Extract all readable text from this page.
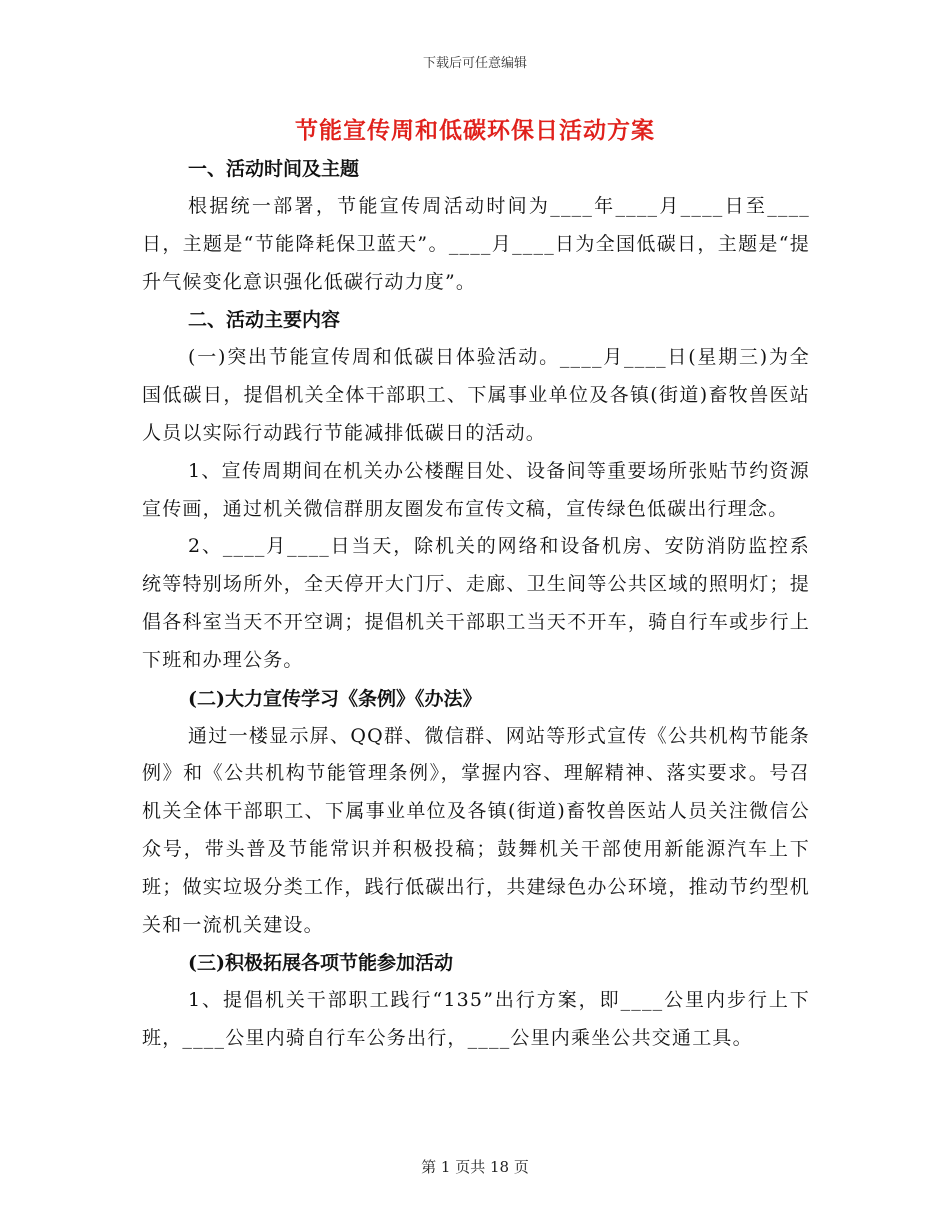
下载后可任意编辑
节能宣传周和低碳环保日活动方案
一、活动时间及主题

根据统一部署，节能宣传周活动时间为____年____月____日至____日，主题是“节能降耗保卫蓝天”。____月____日为全国低碳日，主题是“提升气候变化意识强化低碳行动力度”。

二、活动主要内容

(一)突出节能宣传周和低碳日体验活动。____月____日(星期三)为全国低碳日，提倡机关全体干部职工、下属事业单位及各镇(街道)畜牧兽医站人员以实际行动践行节能减排低碳日的活动。

1、宣传周期间在机关办公楼醒目处、设备间等重要场所张贴节约资源宣传画，通过机关微信群朋友圈发布宣传文稿，宣传绿色低碳出行理念。

2、____月____日当天，除机关的网络和设备机房、安防消防监控系统等特别场所外，全天停开大门厅、走廊、卫生间等公共区域的照明灯；提倡各科室当天不开空调；提倡机关干部职工当天不开车，骑自行车或步行上下班和办理公务。

(二)大力宣传学习《条例》《办法》

通过一楼显示屏、QQ群、微信群、网站等形式宣传《公共机构节能条例》和《公共机构节能管理条例》，掌握内容、理解精神、落实要求。号召机关全体干部职工、下属事业单位及各镇(街道)畜牧兽医站人员关注微信公众号，带头普及节能常识并积极投稿；鼓舞机关干部使用新能源汽车上下班；做实垃圾分类工作，践行低碳出行，共建绿色办公环境，推动节约型机关和一流机关建设。

(三)积极拓展各项节能参加活动

1、提倡机关干部职工践行“135”出行方案，即____公里内步行上下班，____公里内骑自行车公务出行，____公里内乘坐公共交通工具。

第 1 页共 18 页
